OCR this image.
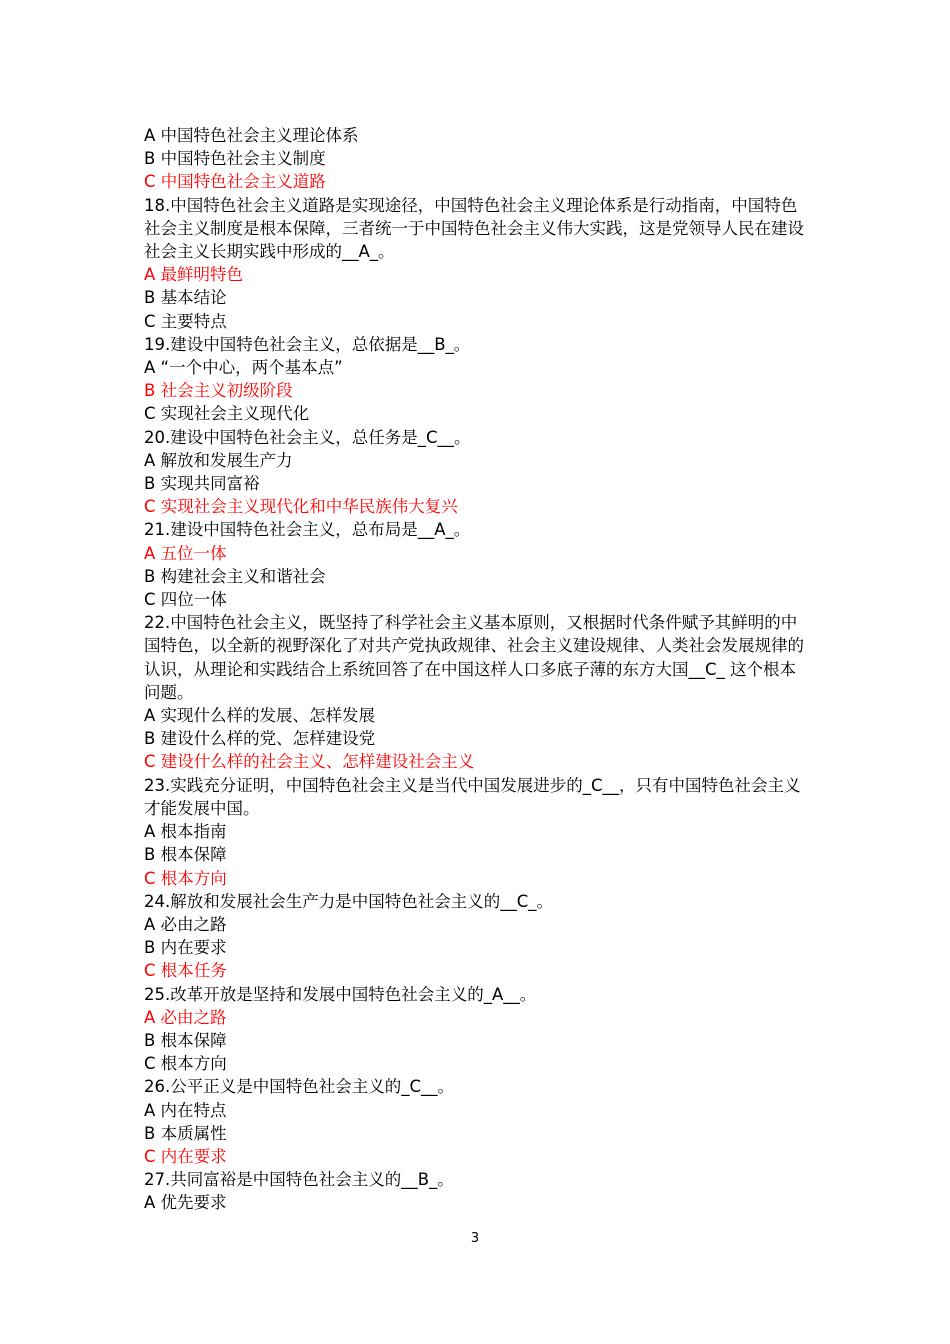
A 中国特色社会主义理论体系

B 中国特色社会主义制度

C 中国特色社会主义道路

18.中国特色社会主义道路是实现途径，中国特色社会主义理论体系是行动指南，中国特色社会主义制度是根本保障，三者统一于中国特色社会主义伟大实践，这是党领导人民在建设社会主义长期实践中形成的__A_。

A 最鲜明特色

B 基本结论

C 主要特点

19.建设中国特色社会主义，总依据是__B_。

A “一个中心，两个基本点”

B 社会主义初级阶段

C 实现社会主义现代化

20.建设中国特色社会主义，总任务是_C__。

A 解放和发展生产力

B 实现共同富裕

C 实现社会主义现代化和中华民族伟大复兴

21.建设中国特色社会主义，总布局是__A_。

A 五位一体

B 构建社会主义和谐社会

C 四位一体

22.中国特色社会主义，既坚持了科学社会主义基本原则，又根据时代条件赋予其鲜明的中国特色，以全新的视野深化了对共产党执政规律、社会主义建设规律、人类社会发展规律的认识，从理论和实践结合上系统回答了在中国这样人口多底子薄的东方大国__C_ 这个根本问题。

A 实现什么样的发展、怎样发展

B 建设什么样的党、怎样建设党

C 建设什么样的社会主义、怎样建设社会主义

23.实践充分证明，中国特色社会主义是当代中国发展进步的_C__，只有中国特色社会主义才能发展中国。

A 根本指南

B 根本保障

C 根本方向

24.解放和发展社会生产力是中国特色社会主义的__C_。

A 必由之路

B 内在要求

C 根本任务

25.改革开放是坚持和发展中国特色社会主义的_A__。

A 必由之路

B 根本保障

C 根本方向

26.公平正义是中国特色社会主义的_C__。

A 内在特点

B 本质属性

C 内在要求

27.共同富裕是中国特色社会主义的__B_。

A 优先要求

3
